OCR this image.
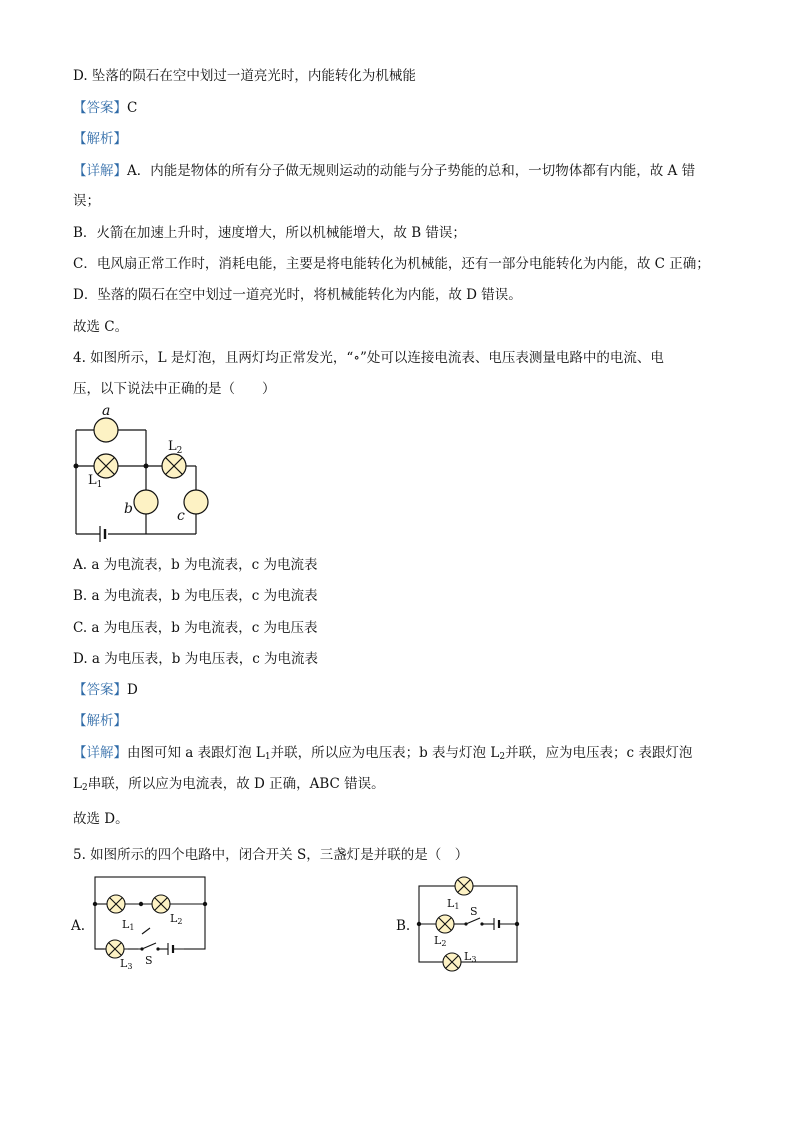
D. 坠落的陨石在空中划过一道亮光时，内能转化为机械能
【答案】C
【解析】
【详解】A．内能是物体的所有分子做无规则运动的动能与分子势能的总和，一切物体都有内能，故 A 错
误；
B．火箭在加速上升时，速度增大，所以机械能增大，故 B 错误；
C．电风扇正常工作时，消耗电能，主要是将电能转化为机械能，还有一部分电能转化为内能，故 C 正确；
D．坠落的陨石在空中划过一道亮光时，将机械能转化为内能，故 D 错误。
故选 C。
4. 如图所示，L 是灯泡，且两灯均正常发光，“∘”处可以连接电流表、电压表测量电路中的电流、电
压，以下说法中正确的是（　　）
a
$L_1$
$L_2$
b	c
A. a 为电流表，b 为电流表，c 为电流表
B. a 为电流表，b 为电压表，c 为电流表
C. a 为电压表，b 为电流表，c 为电压表
D. a 为电压表，b 为电压表，c 为电流表
【答案】D
【解析】
【详解】由图可知 a 表跟灯泡 $L_1$并联，所以应为电压表；b 表与灯泡 $L_2$并联，应为电压表；c 表跟灯泡
$L_2$串联，所以应为电流表，故 D 正确，ABC 错误。
故选 D。
5. 如图所示的四个电路中，闭合开关 S，三盏灯是并联的是（　）
A.	L1
L2
L3 S
B.
L1
L2
L3
S
